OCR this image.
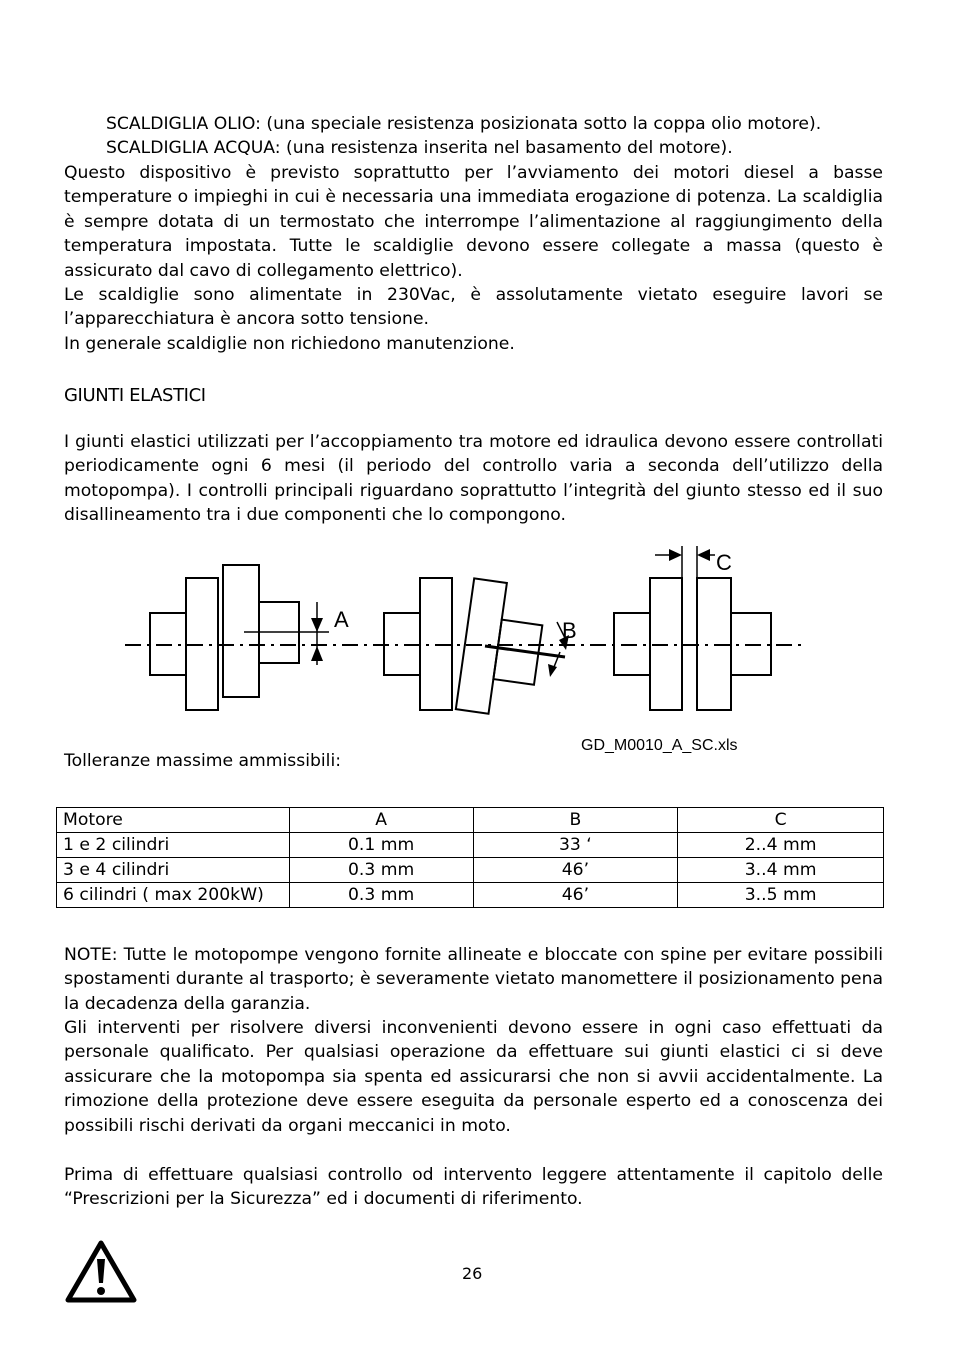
SCALDIGLIA OLIO: (una speciale resistenza posizionata sotto la coppa olio motore).
SCALDIGLIA ACQUA: (una resistenza inserita nel basamento del motore).
Questo dispositivo è previsto soprattutto per l’avviamento dei motori diesel a basse temperature o impieghi in cui è necessaria una immediata erogazione di potenza. La scaldiglia è sempre dotata di un termostato che interrompe l’alimentazione al raggiungimento della temperatura impostata. Tutte le scaldiglie devono essere collegate a massa (questo è assicurato dal cavo di collegamento elettrico).
Le scaldiglie sono alimentate in 230Vac, è assolutamente vietato eseguire lavori se l’apparecchiatura è ancora sotto tensione.
In generale scaldiglie non richiedono manutenzione.
GIUNTI ELASTICI
I giunti elastici utilizzati per l’accoppiamento tra motore ed idraulica devono essere controllati periodicamente ogni 6 mesi (il periodo del controllo varia a seconda dell’utilizzo della motopompa). I controlli principali riguardano soprattutto l’integrità del giunto stesso ed il suo disallineamento tra i due componenti che lo compongono.
A	B
C
GD_M0010_A_SC.xls
Tolleranze massime ammissibili:
Motore	A	B	C
1 e 2 cilindri	0.1 mm	33 ‘	2..4 mm
3 e 4 cilindri	0.3 mm	46’	3..4 mm
6 cilindri ( max 200kW)	0.3 mm	46’	3..5 mm
NOTE: Tutte le motopompe vengono fornite allineate e bloccate con spine per evitare possibili spostamenti durante al trasporto; è severamente vietato manomettere il posizionamento pena la decadenza della garanzia.
Gli interventi per risolvere diversi inconvenienti devono essere in ogni caso effettuati da personale qualificato. Per qualsiasi operazione da effettuare sui giunti elastici ci si deve assicurare che la motopompa sia spenta ed assicurarsi che non si avvii accidentalmente. La rimozione della protezione deve essere eseguita da personale esperto ed a conoscenza dei possibili rischi derivati da organi meccanici in moto.
Prima di effettuare qualsiasi controllo od intervento leggere attentamente il capitolo delle “Prescrizioni per la Sicurezza” ed i documenti di riferimento.
26
